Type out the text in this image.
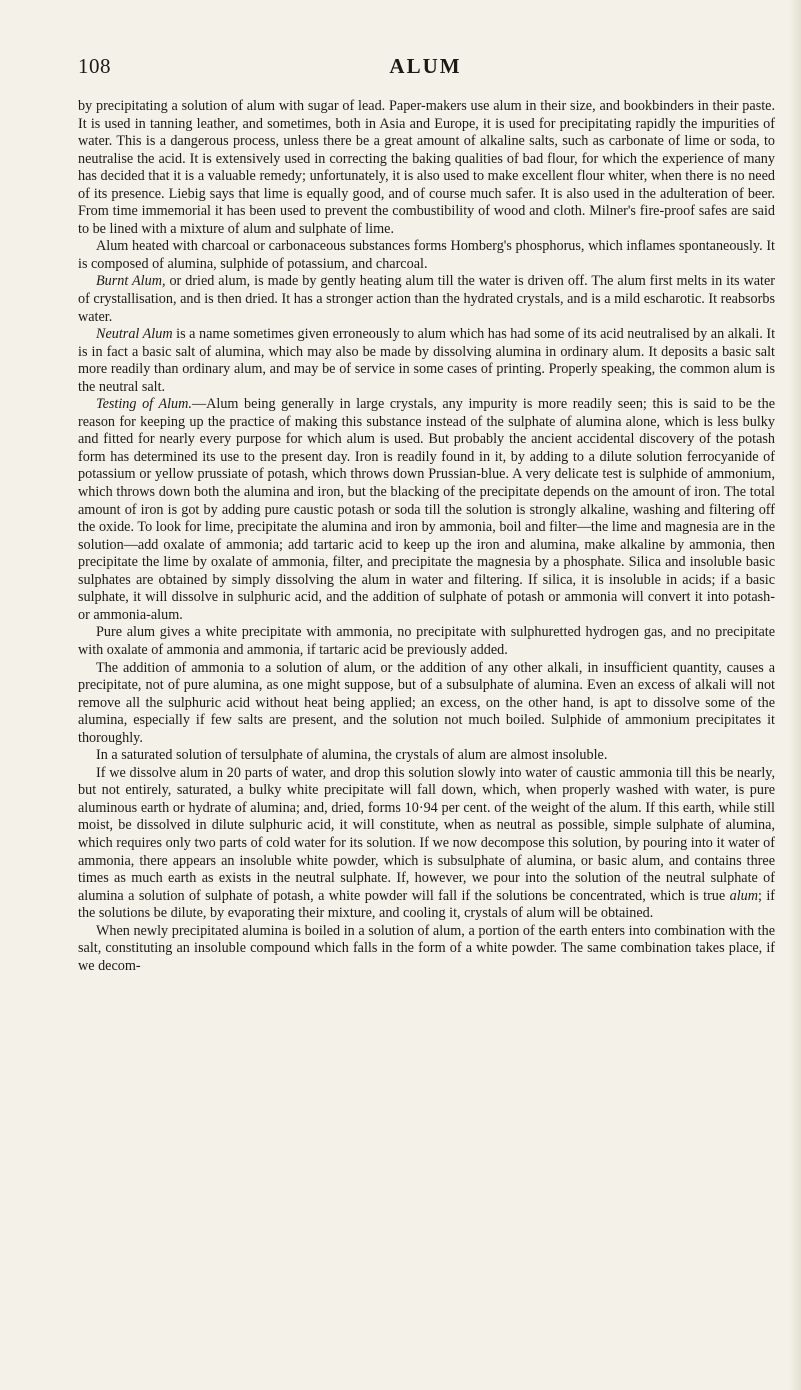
108	ALUM

by precipitating a solution of alum with sugar of lead. Paper-makers use alum in their size, and bookbinders in their paste. It is used in tanning leather, and sometimes, both in Asia and Europe, it is used for precipitating rapidly the impurities of water. This is a dangerous process, unless there be a great amount of alkaline salts, such as carbonate of lime or soda, to neutralise the acid. It is extensively used in correcting the baking qualities of bad flour, for which the experience of many has decided that it is a valuable remedy; unfortunately, it is also used to make excellent flour whiter, when there is no need of its presence. Liebig says that lime is equally good, and of course much safer. It is also used in the adulteration of beer. From time immemorial it has been used to prevent the combustibility of wood and cloth. Milner's fire-proof safes are said to be lined with a mixture of alum and sulphate of lime.

Alum heated with charcoal or carbonaceous substances forms Homberg's phosphorus, which inflames spontaneously. It is composed of alumina, sulphide of potassium, and charcoal.

Burnt Alum, or dried alum, is made by gently heating alum till the water is driven off. The alum first melts in its water of crystallisation, and is then dried. It has a stronger action than the hydrated crystals, and is a mild escharotic. It reabsorbs water.

Neutral Alum is a name sometimes given erroneously to alum which has had some of its acid neutralised by an alkali. It is in fact a basic salt of alumina, which may also be made by dissolving alumina in ordinary alum. It deposits a basic salt more readily than ordinary alum, and may be of service in some cases of printing. Properly speaking, the common alum is the neutral salt.

Testing of Alum.—Alum being generally in large crystals, any impurity is more readily seen; this is said to be the reason for keeping up the practice of making this substance instead of the sulphate of alumina alone, which is less bulky and fitted for nearly every purpose for which alum is used. But probably the ancient accidental discovery of the potash form has determined its use to the present day. Iron is readily found in it, by adding to a dilute solution ferrocyanide of potassium or yellow prussiate of potash, which throws down Prussian-blue. A very delicate test is sulphide of ammonium, which throws down both the alumina and iron, but the blacking of the precipitate depends on the amount of iron. The total amount of iron is got by adding pure caustic potash or soda till the solution is strongly alkaline, washing and filtering off the oxide. To look for lime, precipitate the alumina and iron by ammonia, boil and filter—the lime and magnesia are in the solution—add oxalate of ammonia; add tartaric acid to keep up the iron and alumina, make alkaline by ammonia, then precipitate the lime by oxalate of ammonia, filter, and precipitate the magnesia by a phosphate. Silica and insoluble basic sulphates are obtained by simply dissolving the alum in water and filtering. If silica, it is insoluble in acids; if a basic sulphate, it will dissolve in sulphuric acid, and the addition of sulphate of potash or ammonia will convert it into potash- or ammonia-alum.

Pure alum gives a white precipitate with ammonia, no precipitate with sulphuretted hydrogen gas, and no precipitate with oxalate of ammonia and ammonia, if tartaric acid be previously added.

The addition of ammonia to a solution of alum, or the addition of any other alkali, in insufficient quantity, causes a precipitate, not of pure alumina, as one might suppose, but of a subsulphate of alumina. Even an excess of alkali will not remove all the sulphuric acid without heat being applied; an excess, on the other hand, is apt to dissolve some of the alumina, especially if few salts are present, and the solution not much boiled. Sulphide of ammonium precipitates it thoroughly.

In a saturated solution of tersulphate of alumina, the crystals of alum are almost insoluble.

If we dissolve alum in 20 parts of water, and drop this solution slowly into water of caustic ammonia till this be nearly, but not entirely, saturated, a bulky white precipitate will fall down, which, when properly washed with water, is pure aluminous earth or hydrate of alumina; and, dried, forms 10·94 per cent. of the weight of the alum. If this earth, while still moist, be dissolved in dilute sulphuric acid, it will constitute, when as neutral as possible, simple sulphate of alumina, which requires only two parts of cold water for its solution. If we now decompose this solution, by pouring into it water of ammonia, there appears an insoluble white powder, which is subsulphate of alumina, or basic alum, and contains three times as much earth as exists in the neutral sulphate. If, however, we pour into the solution of the neutral sulphate of alumina a solution of sulphate of potash, a white powder will fall if the solutions be concentrated, which is true alum; if the solutions be dilute, by evaporating their mixture, and cooling it, crystals of alum will be obtained.

When newly precipitated alumina is boiled in a solution of alum, a portion of the earth enters into combination with the salt, constituting an insoluble compound which falls in the form of a white powder. The same combination takes place, if we decom-
